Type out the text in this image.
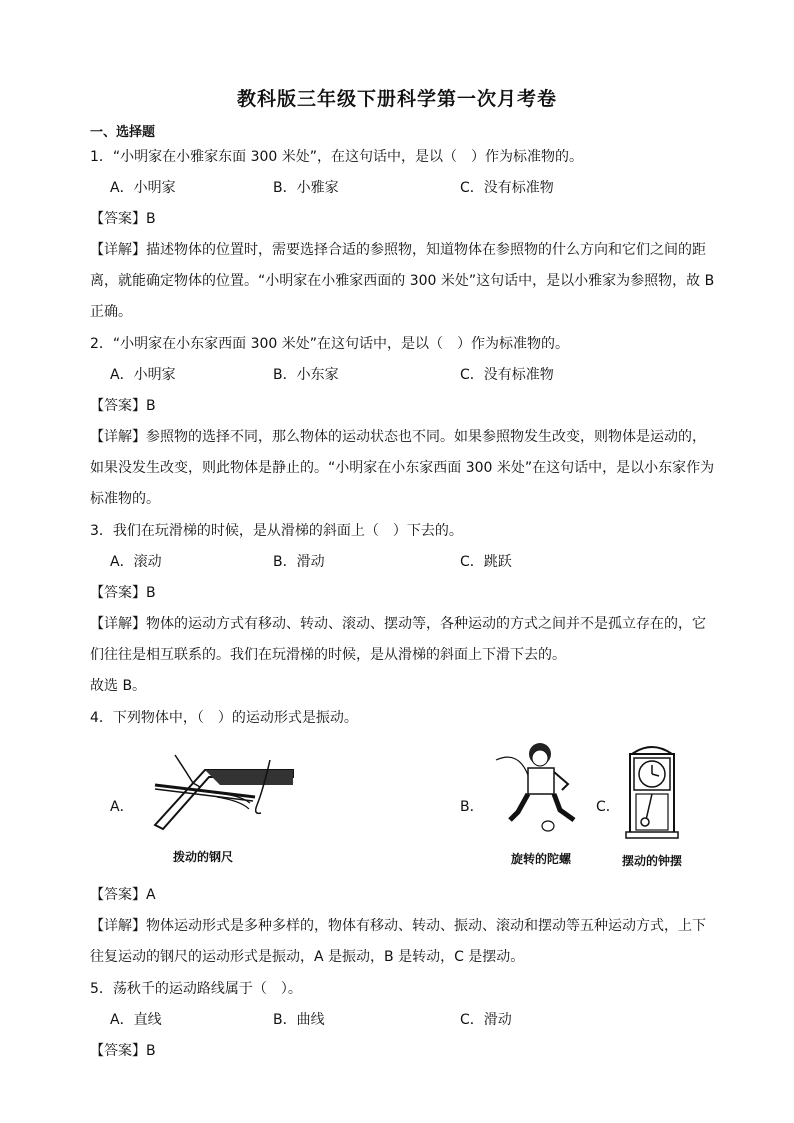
教科版三年级下册科学第一次月考卷
一、选择题
1．“小明家在小雅家东面 300 米处”，在这句话中，是以（　）作为标准物的。
A．小明家	B．小雅家	C．没有标准物
【答案】B
【详解】描述物体的位置时，需要选择合适的参照物，知道物体在参照物的什么方向和它们之间的距
离，就能确定物体的位置。“小明家在小雅家西面的 300 米处”这句话中，是以小雅家为参照物，故 B
正确。
2．“小明家在小东家西面 300 米处”在这句话中，是以（　）作为标准物的。
A．小明家	B．小东家	C．没有标准物
【答案】B
【详解】参照物的选择不同，那么物体的运动状态也不同。如果参照物发生改变，则物体是运动的，
如果没发生改变，则此物体是静止的。“小明家在小东家西面 300 米处”在这句话中，是以小东家作为
标准物的。
3．我们在玩滑梯的时候，是从滑梯的斜面上（　）下去的。
A．滚动	B．滑动	C．跳跃
【答案】B
【详解】物体的运动方式有移动、转动、滚动、摆动等，各种运动的方式之间并不是孤立存在的，它
们往往是相互联系的。我们在玩滑梯的时候，是从滑梯的斜面上下滑下去的。
故选 B。
4．下列物体中，（　）的运动形式是振动。
A．	B．	C．
拨动的钢尺	旋转的陀螺	摆动的钟摆
【答案】A
【详解】物体运动形式是多种多样的，物体有移动、转动、振动、滚动和摆动等五种运动方式，上下
往复运动的钢尺的运动形式是振动，A 是振动，B 是转动，C 是摆动。
5．荡秋千的运动路线属于（　）。
A．直线	B．曲线	C．滑动
【答案】B
